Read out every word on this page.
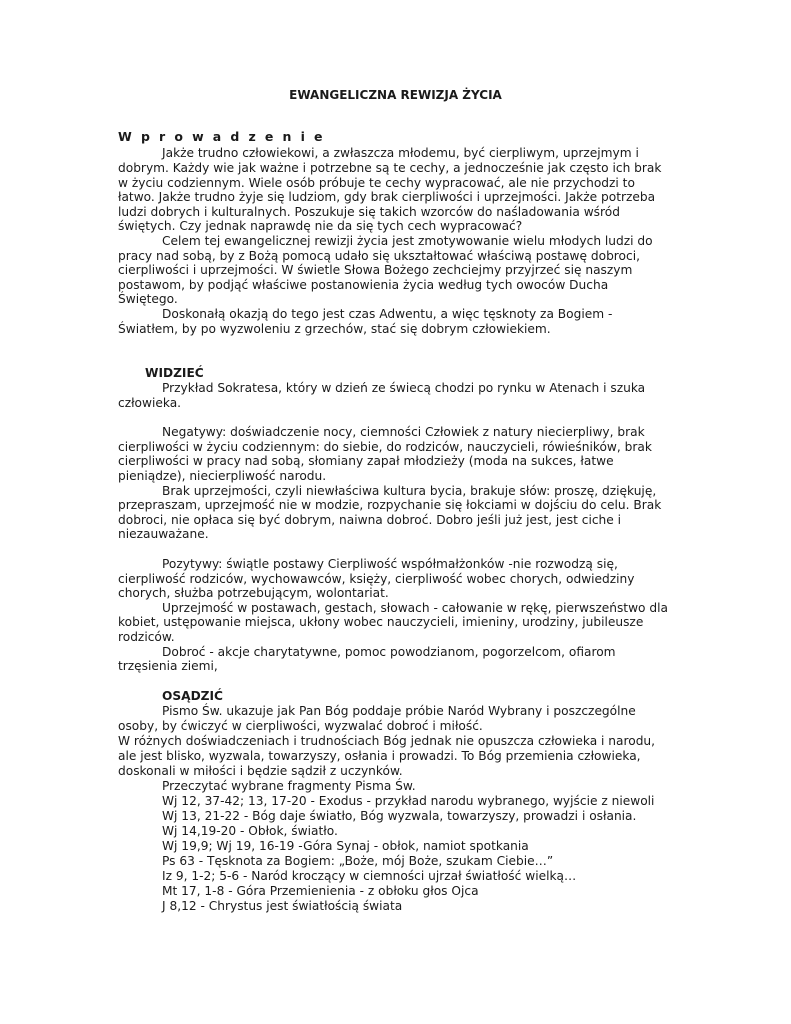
EWANGELICZNA REWIZJA ŻYCIA
W p r o w a d z e n i e
Jakże trudno człowiekowi, a zwłaszcza młodemu, być cierpliwym, uprzejmym i
dobrym. Każdy wie jak ważne i potrzebne są te cechy, a jednocześnie jak często ich brak
w życiu codziennym. Wiele osób próbuje te cechy wypracować, ale nie przychodzi to
łatwo. Jakże trudno żyje się ludziom, gdy brak cierpliwości i uprzejmości. Jakże potrzeba
ludzi dobrych i kulturalnych. Poszukuje się takich wzorców do naśladowania wśród
świętych. Czy jednak naprawdę nie da się tych cech wypracować?
Celem tej ewangelicznej rewizji życia jest zmotywowanie wielu młodych ludzi do
pracy nad sobą, by z Bożą pomocą udało się ukształtować właściwą postawę dobroci,
cierpliwości i uprzejmości. W świetle Słowa Bożego zechciejmy przyjrzeć się naszym
postawom, by podjąć właściwe postanowienia życia według tych owoców Ducha
Świętego.
Doskonałą okazją do tego jest czas Adwentu, a więc tęsknoty za Bogiem -
Światłem, by po wyzwoleniu z grzechów, stać się dobrym człowiekiem.
WIDZIEĆ
Przykład Sokratesa, który w dzień ze świecą chodzi po rynku w Atenach i szuka
człowieka.
Negatywy: doświadczenie nocy, ciemności Człowiek z natury niecierpliwy, brak
cierpliwości w życiu codziennym: do siebie, do rodziców, nauczycieli, rówieśników, brak
cierpliwości w pracy nad sobą, słomiany zapał młodzieży (moda na sukces, łatwe
pieniądze), niecierpliwość narodu.
Brak uprzejmości, czyli niewłaściwa kultura bycia, brakuje słów: proszę, dziękuję,
przepraszam, uprzejmość nie w modzie, rozpychanie się łokciami w dojściu do celu. Brak
dobroci, nie opłaca się być dobrym, naiwna dobroć. Dobro jeśli już jest, jest ciche i
niezauważane.
Pozytywy: świątle postawy Cierpliwość współmałżonków -nie rozwodzą się,
cierpliwość rodziców, wychowawców, księży, cierpliwość wobec chorych, odwiedziny
chorych, służba potrzebującym, wolontariat.
Uprzejmość w postawach, gestach, słowach - całowanie w rękę, pierwszeństwo dla
kobiet, ustępowanie miejsca, ukłony wobec nauczycieli, imieniny, urodziny, jubileusze
rodziców.
Dobroć - akcje charytatywne, pomoc powodzianom, pogorzelcom, ofiarom
trzęsienia ziemi,
OSĄDZIĆ
Pismo Św. ukazuje jak Pan Bóg poddaje próbie Naród Wybrany i poszczególne
osoby, by ćwiczyć w cierpliwości, wyzwalać dobroć i miłość.
W różnych doświadczeniach i trudnościach Bóg jednak nie opuszcza człowieka i narodu,
ale jest blisko, wyzwala, towarzyszy, osłania i prowadzi. To Bóg przemienia człowieka,
doskonali w miłości i będzie sądził z uczynków.
Przeczytać wybrane fragmenty Pisma Św.
Wj 12, 37-42; 13, 17-20 - Exodus - przykład narodu wybranego, wyjście z niewoli
Wj 13, 21-22 - Bóg daje światło, Bóg wyzwala, towarzyszy, prowadzi i osłania.
Wj 14,19-20 - Obłok, światło.
Wj 19,9; Wj 19, 16-19 -Góra Synaj - obłok, namiot spotkania
Ps 63 - Tęsknota za Bogiem: „Boże, mój Boże, szukam Ciebie…”
Iz 9, 1-2; 5-6 - Naród kroczący w ciemności ujrzał światłość wielką…
Mt 17, 1-8 - Góra Przemienienia - z obłoku głos Ojca
J 8,12 - Chrystus jest światłością świata
